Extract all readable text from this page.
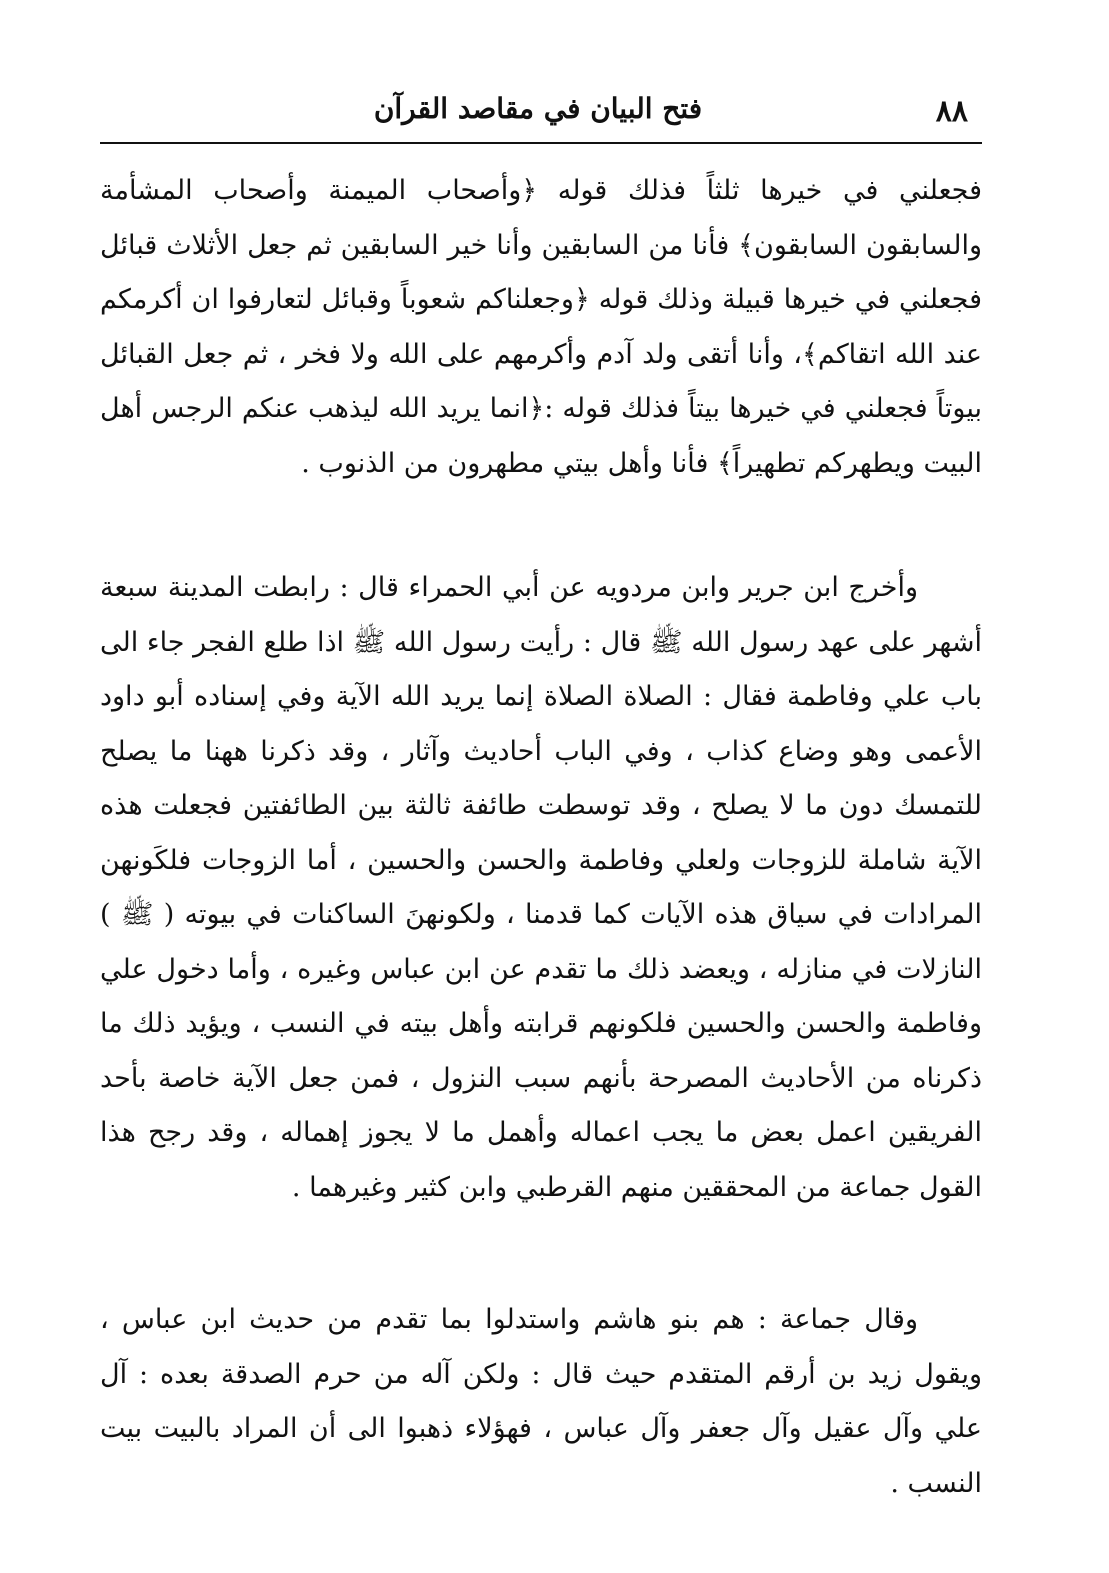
٨٨
فتح البيان في مقاصد القرآن

فجعلني في خيرها ثلثاً فذلك قوله ﴿وأصحاب الميمنة وأصحاب المشأمة والسابقون السابقون﴾ فأنا من السابقين وأنا خير السابقين ثم جعل الأثلاث قبائل فجعلني في خيرها قبيلة وذلك قوله ﴿وجعلناكم شعوباً وقبائل لتعارفوا ان أكرمكم عند الله اتقاكم﴾، وأنا أتقى ولد آدم وأكرمهم على الله ولا فخر ، ثم جعل القبائل بيوتاً فجعلني في خيرها بيتاً فذلك قوله :﴿انما يريد الله ليذهب عنكم الرجس أهل البيت ويطهركم تطهيراً﴾ فأنا وأهل بيتي مطهرون من الذنوب .

وأخرج ابن جرير وابن مردويه عن أبي الحمراء قال : رابطت المدينة سبعة أشهر على عهد رسول الله ﷺ قال : رأيت رسول الله ﷺ اذا طلع الفجر جاء الى باب علي وفاطمة فقال : الصلاة الصلاة إنما يريد الله الآية وفي إسناده أبو داود الأعمى وهو وضاع كذاب ، وفي الباب أحاديث وآثار ، وقد ذكرنا ههنا ما يصلح للتمسك دون ما لا يصلح ، وقد توسطت طائفة ثالثة بين الطائفتين فجعلت هذه الآية شاملة للزوجات ولعلي وفاطمة والحسن والحسين ، أما الزوجات فلكَونهن المرادات في سياق هذه الآيات كما قدمنا ، ولكونهنَ الساكنات في بيوته ( ﷺ ) النازلات في منازله ، ويعضد ذلك ما تقدم عن ابن عباس وغيره ، وأما دخول علي وفاطمة والحسن والحسين فلكونهم قرابته وأهل بيته في النسب ، ويؤيد ذلك ما ذكرناه من الأحاديث المصرحة بأنهم سبب النزول ، فمن جعل الآية خاصة بأحد الفريقين اعمل بعض ما يجب اعماله وأهمل ما لا يجوز إهماله ، وقد رجح هذا القول جماعة من المحققين منهم القرطبي وابن كثير وغيرهما .

وقال جماعة : هم بنو هاشم واستدلوا بما تقدم من حديث ابن عباس ، ويقول زيد بن أرقم المتقدم حيث قال : ولكن آله من حرم الصدقة بعده : آل علي وآل عقيل وآل جعفر وآل عباس ، فهؤلاء ذهبوا الى أن المراد بالبيت بيت النسب .
